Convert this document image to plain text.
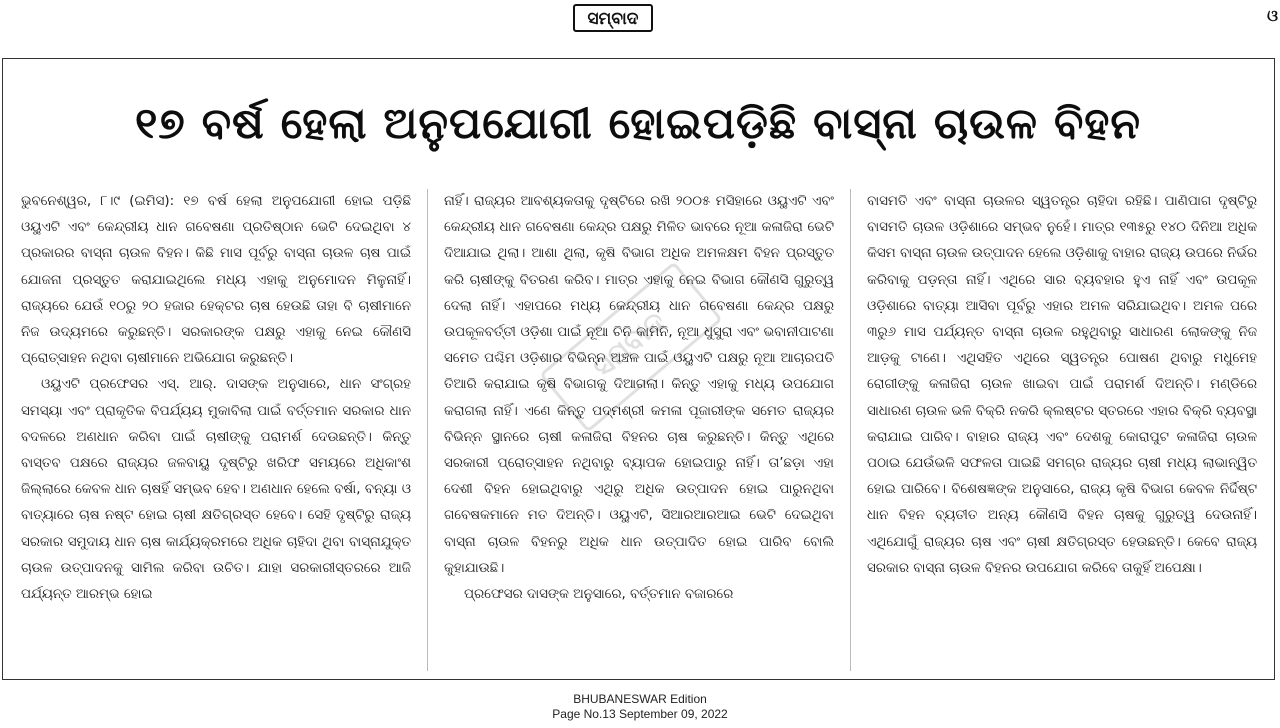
ସମ୍ବାଦ	ଓ
୧୭ ବର୍ଷ ହେଲା ଅନୁପଯୋଗୀ ହୋଇପଡ଼ିଛି ବାସ୍ନା ଚାଉଳ ବିହନ

ଭୁବନେଶ୍ୱର, ୮।୯ (ଇମିସ): ୧୭ ବର୍ଷ ହେଲା ଅନୁପଯୋଗୀ ହୋଇ ପଡ଼ିଛି ଓୟୁଏଟି ଏବଂ କେନ୍ଦ୍ରୀୟ ଧାନ ଗବେଷଣା ପ୍ରତିଷ୍ଠାନ ଭେଟି ଦେଇଥିବା ୪ ପ୍ରକାରର ବାସ୍ନା ଚାଉଳ ବିହନ। କିଛି ମାସ ପୂର୍ବରୁ ବାସ୍ନା ଚାଉଳ ଚାଷ ପାଇଁ ଯୋଜନା ପ୍ରସ୍ତୁତ କରାଯାଇଥିଲେ ମଧ୍ୟ ଏହାକୁ ଅନୁମୋଦନ ମିଳୁନାହିଁ। ରାଜ୍ୟରେ ଯେଉଁ ୧୦ରୁ ୨୦ ହଜାର ହେକ୍ଟର ଚାଷ ହେଉଛି ତାହା ବି ଚାଷୀମାନେ ନିଜ ଉଦ୍ୟମରେ କରୁଛନ୍ତି। ସରକାରଙ୍କ ପକ୍ଷରୁ ଏହାକୁ ନେଇ କୌଣସି ପ୍ରୋତ୍ସାହନ ନଥିବା ଚାଷୀମାନେ ଅଭିଯୋଗ କରୁଛନ୍ତି।

ଓୟୁଏଟି ପ୍ରଫେସର ଏସ୍. ଆର୍. ଦାସଙ୍କ ଅନୁସାରେ, ଧାନ ସଂଗ୍ରହ ସମସ୍ୟା ଏବଂ ପ୍ରାକୃତିକ ବିପର୍ଯ୍ୟୟ ମୁକାବିଲା ପାଇଁ ବର୍ତ୍ତମାନ ସରକାର ଧାନ ବଦଳରେ ଅଣଧାନ କରିବା ପାଇଁ ଚାଷୀଙ୍କୁ ପରାମର୍ଶ ଦେଉଛନ୍ତି। କିନ୍ତୁ ବାସ୍ତବ ପକ୍ଷରେ ରାଜ୍ୟର ଜଳବାୟୁ ଦୃଷ୍ଟିରୁ ଖରିଫ ସମୟରେ ଅଧିକାଂଶ ଜିଲ୍ଲାରେ କେବଳ ଧାନ ଚାଷହିଁ ସମ୍ଭବ ହେବ। ଅଣଧାନ ହେଲେ ବର୍ଷା, ବନ୍ୟା ଓ ବାତ୍ୟାରେ ଚାଷ ନଷ୍ଟ ହୋଇ ଚାଷୀ କ୍ଷତିଗ୍ରସ୍ତ ହେବେ। ସେହି ଦୃଷ୍ଟିରୁ ରାଜ୍ୟ ସରକାର ସମୁଦାୟ ଧାନ ଚାଷ କାର୍ଯ୍ୟକ୍ରମରେ ଅଧିକ ଚାହିଦା ଥିବା ବାସ୍ନାଯୁକ୍ତ ଚାଉଳ ଉତ୍ପାଦନକୁ ସାମିଲ କରିବା ଉଚିତ। ଯାହା ସରକାରୀସ୍ତରରେ ଆଜି ପର୍ଯ୍ୟନ୍ତ ଆରମ୍ଭ ହୋଇ

ନାହିଁ। ରାଜ୍ୟର ଆବଶ୍ୟକତାକୁ ଦୃଷ୍ଟିରେ ରଖି ୨୦୦୫ ମସିହାରେ ଓୟୁଏଟି ଏବଂ କେନ୍ଦ୍ରୀୟ ଧାନ ଗବେଷଣା କେନ୍ଦ୍ର ପକ୍ଷରୁ ମିଳିତ ଭାବରେ ନୂଆ କଳାଜିରା ଭେଟି ଦିଆଯାଇ ଥିଲା। ଆଶା ଥିଲା, କୃଷି ବିଭାଗ ଅଧିକ ଅମଳକ୍ଷମ ବିହନ ପ୍ରସ୍ତୁତ କରି ଚାଷୀଙ୍କୁ ବିତରଣ କରିବ। ମାତ୍ର ଏହାକୁ ନେଇ ବିଭାଗ କୌଣସି ଗୁରୁତ୍ୱ ଦେଲା ନାହିଁ। ଏହାପରେ ମଧ୍ୟ କେନ୍ଦ୍ରୀୟ ଧାନ ଗବେଷଣା କେନ୍ଦ୍ର ପକ୍ଷରୁ ଉପକୂଳବର୍ତ୍ତୀ ଓଡ଼ିଶା ପାଇଁ ନୂଆ ଚିନି କାମିନି, ନୂଆ ଧୁସୁରା ଏବଂ ଭବାନୀପାଟଣା ସମେତ ପଶ୍ଚିମ ଓଡ଼ିଶାର ବିଭିନ୍ନ ଅଞ୍ଚଳ ପାଇଁ ଓୟୁଏଟି ପକ୍ଷରୁ ନୂଆ ଆଚାରପତି ତିଆରି କରାଯାଇ କୃଷି ବିଭାଗକୁ ଦିଆଗଲା। କିନ୍ତୁ ଏହାକୁ ମଧ୍ୟ ଉପଯୋଗ କରାଗଲା ନାହିଁ। ଏଣେ କିନ୍ତୁ ପଦ୍ମଶ୍ରୀ କମଳା ପୂଜାରୀଙ୍କ ସମେତ ରାଜ୍ୟର ବିଭିନ୍ନ ସ୍ଥାନରେ ଚାଷୀ କଳାଜିରା ବିହନର ଚାଷ କରୁଛନ୍ତି। କିନ୍ତୁ ଏଥିରେ ସରକାରୀ ପ୍ରୋତ୍ସାହନ ନଥିବାରୁ ବ୍ୟାପକ ହୋଇପାରୁ ନାହିଁ। ତା’ଛଡ଼ା ଏହା ଦେଶୀ ବିହନ ହୋଇଥିବାରୁ ଏଥିରୁ ଅଧିକ ଉତ୍ପାଦନ ହୋଇ ପାରୁନଥିବା ଗବେଷକମାନେ ମତ ଦିଅନ୍ତି। ଓୟୁଏଟି, ସିଆରଆରଆଇ ଭେଟି ଦେଇଥିବା ବାସ୍ନା ଚାଉଳ ବିହନରୁ ଅଧିକ ଧାନ ଉତ୍ପାଦିତ ହୋଇ ପାରିବ ବୋଲି କୁହାଯାଉଛି।

ପ୍ରଫେସର ଦାସଙ୍କ ଅନୁସାରେ, ବର୍ତ୍ତମାନ ବଜାରରେ

ବାସମତି ଏବଂ ବାସ୍ନା ଚାଉଳର ସ୍ୱତନ୍ତ୍ର ଚାହିଦା ରହିଛି। ପାଣିପାଗ ଦୃଷ୍ଟିରୁ ବାସମତି ଚାଉଳ ଓଡ଼ିଶାରେ ସମ୍ଭବ ନୁହେଁ। ମାତ୍ର ୧୩୫ରୁ ୧୪୦ ଦିନିଆ ଅଧିକ କିସମ ବାସ୍ନା ଚାଉଳ ଉତ୍ପାଦନ ହେଲେ ଓଡ଼ିଶାକୁ ବାହାର ରାଜ୍ୟ ଉପରେ ନିର୍ଭର କରିବାକୁ ପଡ଼ନ୍ତା ନାହିଁ। ଏଥିରେ ସାର ବ୍ୟବହାର ହୁଏ ନାହିଁ ଏବଂ ଉପକୂଳ ଓଡ଼ିଶାରେ ବାତ୍ୟା ଆସିବା ପୂର୍ବରୁ ଏହାର ଅମଳ ସରିଯାଇଥିବ। ଅମଳ ପରେ ୩ରୁ୬ ମାସ ପର୍ଯ୍ୟନ୍ତ ବାସ୍ନା ଚାଉଳ ରହୁଥିବାରୁ ସାଧାରଣ ଲୋକଙ୍କୁ ନିଜ ଆଡ଼କୁ ଟାଣେ। ଏଥିସହିତ ଏଥିରେ ସ୍ୱତନ୍ତ୍ର ପୋଷଣ ଥିବାରୁ ମଧୁମେହ ରୋଗୀଙ୍କୁ କଳାଜିରା ଚାଉଳ ଖାଇବା ପାଇଁ ପରାମର୍ଶ ଦିଅନ୍ତି। ମଣ୍ଡିରେ ସାଧାରଣ ଚାଉଳ ଭଳି ବିକ୍ରି ନକରି କ୍ଲଷ୍ଟର ସ୍ତରରେ ଏହାର ବିକ୍ରି ବ୍ୟବସ୍ଥା କରାଯାଇ ପାରିବ। ବାହାର ରାଜ୍ୟ ଏବଂ ଦେଶକୁ କୋରାପୁଟ କଳାଜିରା ଚାଉଳ ପଠାଇ ଯେଉଁଭଳି ସଫଳତା ପାଇଛି ସମଗ୍ର ରାଜ୍ୟର ଚାଷୀ ମଧ୍ୟ ଲାଭାନ୍ୱିତ ହୋଇ ପାରିବେ। ବିଶେଷଜ୍ଞଙ୍କ ଅନୁସାରେ, ରାଜ୍ୟ କୃଷି ବିଭାଗ କେବଳ ନିର୍ଦ୍ଦିଷ୍ଟ ଧାନ ବିହନ ବ୍ୟତୀତ ଅନ୍ୟ କୌଣସି ବିହନ ଚାଷକୁ ଗୁରୁତ୍ୱ ଦେଉନାହିଁ। ଏଥିଯୋଗୁଁ ରାଜ୍ୟର ଚାଷ ଏବଂ ଚାଷୀ କ୍ଷତିଗ୍ରସ୍ତ ହେଉଛନ୍ତି। କେବେ ରାଜ୍ୟ ସରକାର ବାସ୍ନା ଚାଉଳ ବିହନର ଉପଯୋଗ କରିବେ ତାକୁହିଁ ଅପେକ୍ଷା।

ସମ୍ବାଦ
BHUBANESWAR Edition
Page No.13 September 09, 2022
